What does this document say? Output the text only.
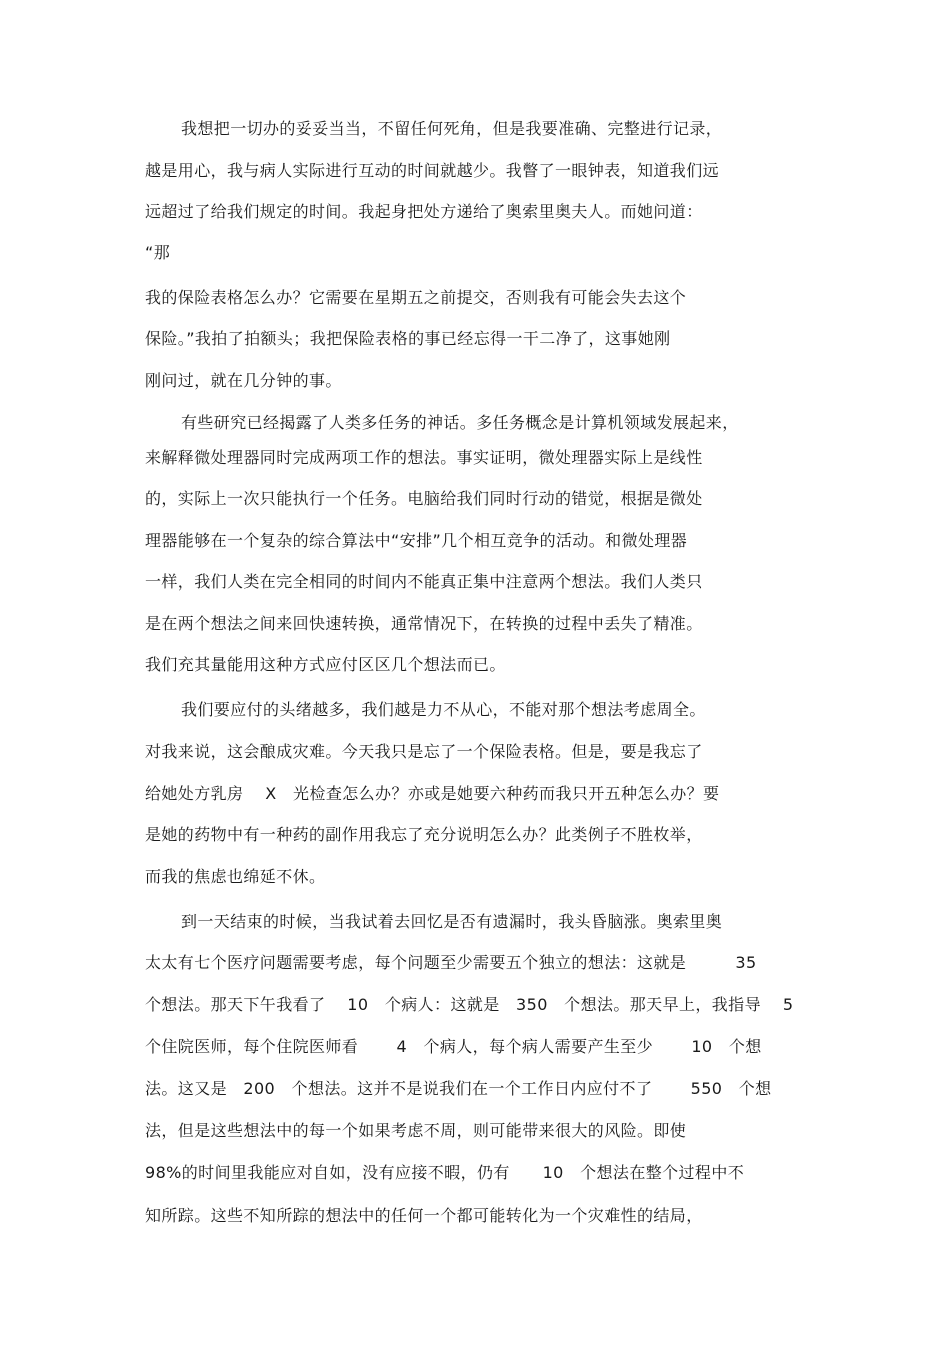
我想把一切办的妥妥当当，不留任何死角，但是我要准确、完整进行记录，
越是用心，我与病人实际进行互动的时间就越少。我瞥了一眼钟表，知道我们远
远超过了给我们规定的时间。我起身把处方递给了奥索里奥夫人。而她问道：
“那
我的保险表格怎么办？它需要在星期五之前提交，否则我有可能会失去这个
保险。”我拍了拍额头；我把保险表格的事已经忘得一干二净了，这事她刚
刚问过，就在几分钟的事。
有些研究已经揭露了人类多任务的神话。多任务概念是计算机领域发展起来，
来解释微处理器同时完成两项工作的想法。事实证明，微处理器实际上是线性
的，实际上一次只能执行一个任务。电脑给我们同时行动的错觉，根据是微处
理器能够在一个复杂的综合算法中“安排”几个相互竞争的活动。和微处理器
一样，我们人类在完全相同的时间内不能真正集中注意两个想法。我们人类只
是在两个想法之间来回快速转换，通常情况下，在转换的过程中丢失了精准。
我们充其量能用这种方式应付区区几个想法而已。
我们要应付的头绪越多，我们越是力不从心，不能对那个想法考虑周全。
对我来说，这会酿成灾难。今天我只是忘了一个保险表格。但是，要是我忘了
给她处方乳房　 X　光检查怎么办？亦或是她要六种药而我只开五种怎么办？要
是她的药物中有一种药的副作用我忘了充分说明怎么办？此类例子不胜枚举，
而我的焦虑也绵延不休。
到一天结束的时候，当我试着去回忆是否有遗漏时，我头昏脑涨。奥索里奥
太太有七个医疗问题需要考虑，每个问题至少需要五个独立的想法：这就是　　　35
个想法。那天下午我看了　 10　个病人：这就是　350　个想法。那天早上，我指导　 5
个住院医师，每个住院医师看　　 4　个病人，每个病人需要产生至少　　 10　个想
法。这又是　200　个想法。这并不是说我们在一个工作日内应付不了　　 550　个想
法，但是这些想法中的每一个如果考虑不周，则可能带来很大的风险。即使
98%的时间里我能应对自如，没有应接不暇，仍有　　10　个想法在整个过程中不
知所踪。这些不知所踪的想法中的任何一个都可能转化为一个灾难性的结局，
